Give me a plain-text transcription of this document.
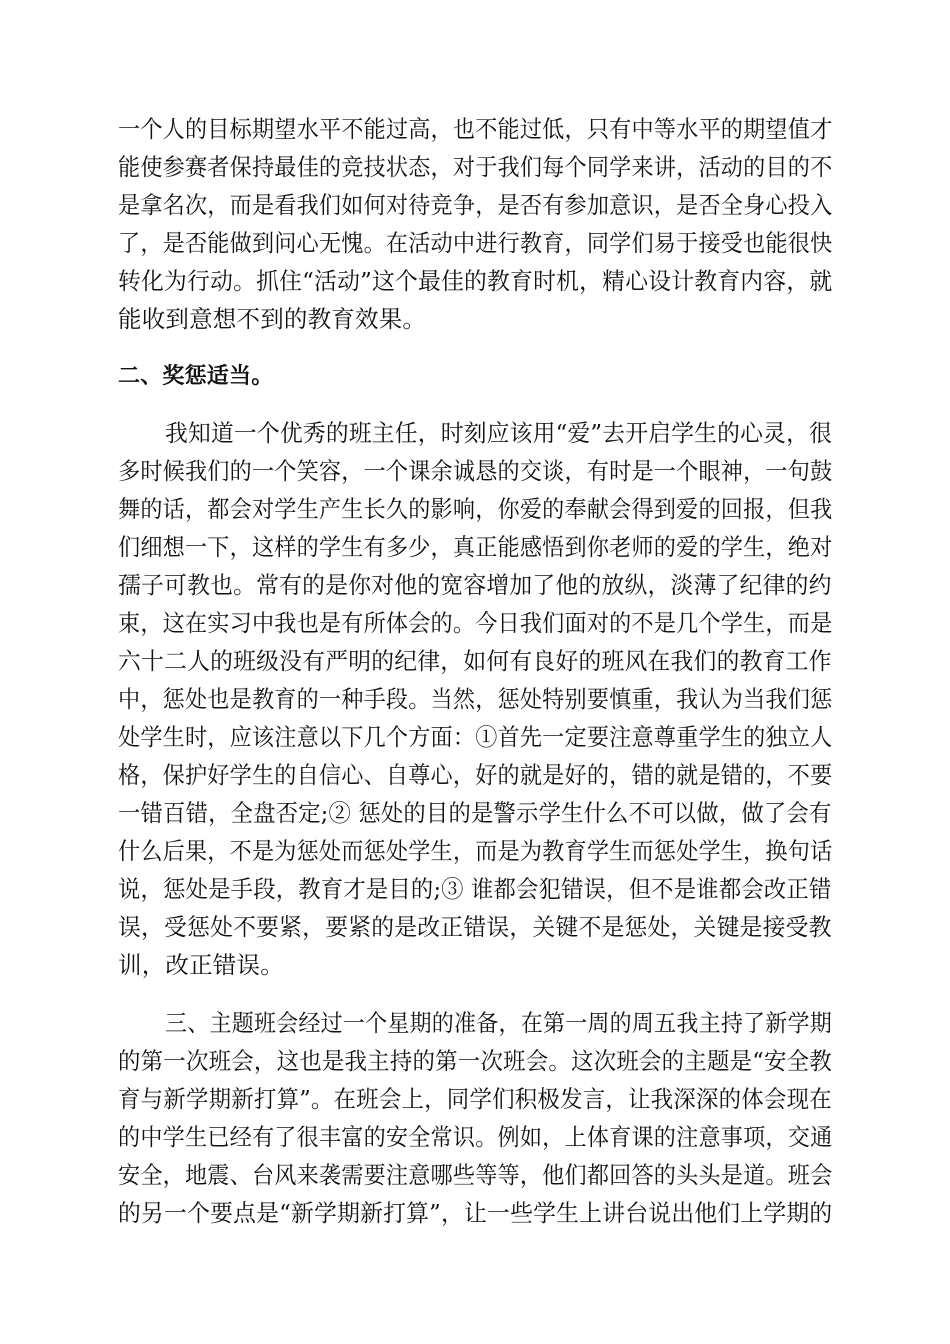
一个人的目标期望水平不能过高，也不能过低，只有中等水平的期望值才
能使参赛者保持最佳的竞技状态，对于我们每个同学来讲，活动的目的不
是拿名次，而是看我们如何对待竞争，是否有参加意识，是否全身心投入
了，是否能做到问心无愧。在活动中进行教育，同学们易于接受也能很快
转化为行动。抓住“活动”这个最佳的教育时机，精心设计教育内容，就
能收到意想不到的教育效果。
二、奖惩适当。
我知道一个优秀的班主任，时刻应该用“爱”去开启学生的心灵，很
多时候我们的一个笑容，一个课余诚恳的交谈，有时是一个眼神，一句鼓
舞的话，都会对学生产生长久的影响，你爱的奉献会得到爱的回报，但我
们细想一下，这样的学生有多少，真正能感悟到你老师的爱的学生，绝对
孺子可教也。常有的是你对他的宽容增加了他的放纵，淡薄了纪律的约
束，这在实习中我也是有所体会的。今日我们面对的不是几个学生，而是
六十二人的班级没有严明的纪律，如何有良好的班风在我们的教育工作
中，惩处也是教育的一种手段。当然，惩处特别要慎重，我认为当我们惩
处学生时，应该注意以下几个方面：①首先一定要注意尊重学生的独立人
格，保护好学生的自信心、自尊心，好的就是好的，错的就是错的，不要
一错百错，全盘否定;② 惩处的目的是警示学生什么不可以做，做了会有
什么后果，不是为惩处而惩处学生，而是为教育学生而惩处学生，换句话
说，惩处是手段，教育才是目的;③ 谁都会犯错误，但不是谁都会改正错
误，受惩处不要紧，要紧的是改正错误，关键不是惩处，关键是接受教
训，改正错误。
三、主题班会经过一个星期的准备，在第一周的周五我主持了新学期
的第一次班会，这也是我主持的第一次班会。这次班会的主题是“安全教
育与新学期新打算”。在班会上，同学们积极发言，让我深深的体会现在
的中学生已经有了很丰富的安全常识。例如，上体育课的注意事项，交通
安全，地震、台风来袭需要注意哪些等等，他们都回答的头头是道。班会
的另一个要点是“新学期新打算”，让一些学生上讲台说出他们上学期的
